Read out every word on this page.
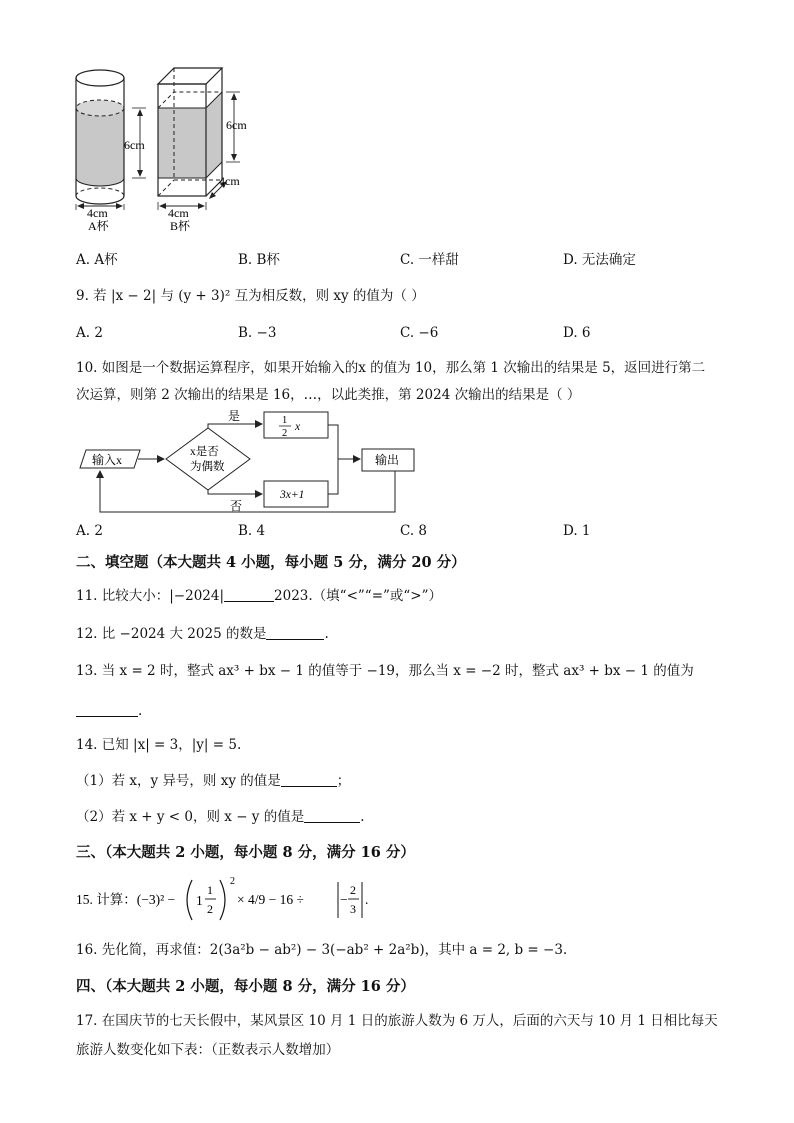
6cm
4cm
A杯
6cm
4cm
4cm
B杯
A. A杯	B. B杯	C. 一样甜	D. 无法确定
9. 若 |x − 2| 与 (y + 3)² 互为相反数，则 xy 的值为（ ）
A. 2	B. −3	C. −6	D. 6
10. 如图是一个数据运算程序，如果开始输入的x 的值为 10，那么第 1 次输出的结果是 5，返回进行第二
次运算，则第 2 次输出的结果是 16，…，以此类推，第 2024 次输出的结果是（ ）
输入x
x是否
为偶数
是	1
2
x
3x+1
否
输出
A. 2	B. 4	C. 8	D. 1
二、填空题（本大题共 4 小题，每小题 5 分，满分 20 分）
11. 比较大小：|−2024|	2023.（填“<”“=”或“>”）
12. 比 −2024 大 2025 的数是	.
13. 当 x = 2 时，整式 ax³ + bx − 1 的值等于 −19，那么当 x = −2 时，整式 ax³ + bx − 1 的值为
.
14. 已知 |x| = 3，|y| = 5.
（1）若 x，y 异号，则 xy 的值是	；
（2）若 x + y < 0，则 x − y 的值是	.
三、（本大题共 2 小题，每小题 8 分，满分 16 分）
15. 计算：(−3)² − 1
1
2
2
× 4/9 − 16 ÷	−
2
3
.
16. 先化简，再求值：2(3a²b − ab²) − 3(−ab² + 2a²b)，其中 a = 2, b = −3.
四、（本大题共 2 小题，每小题 8 分，满分 16 分）
17. 在国庆节的七天长假中，某风景区 10 月 1 日的旅游人数为 6 万人，后面的六天与 10 月 1 日相比每天
旅游人数变化如下表：（正数表示人数增加）
